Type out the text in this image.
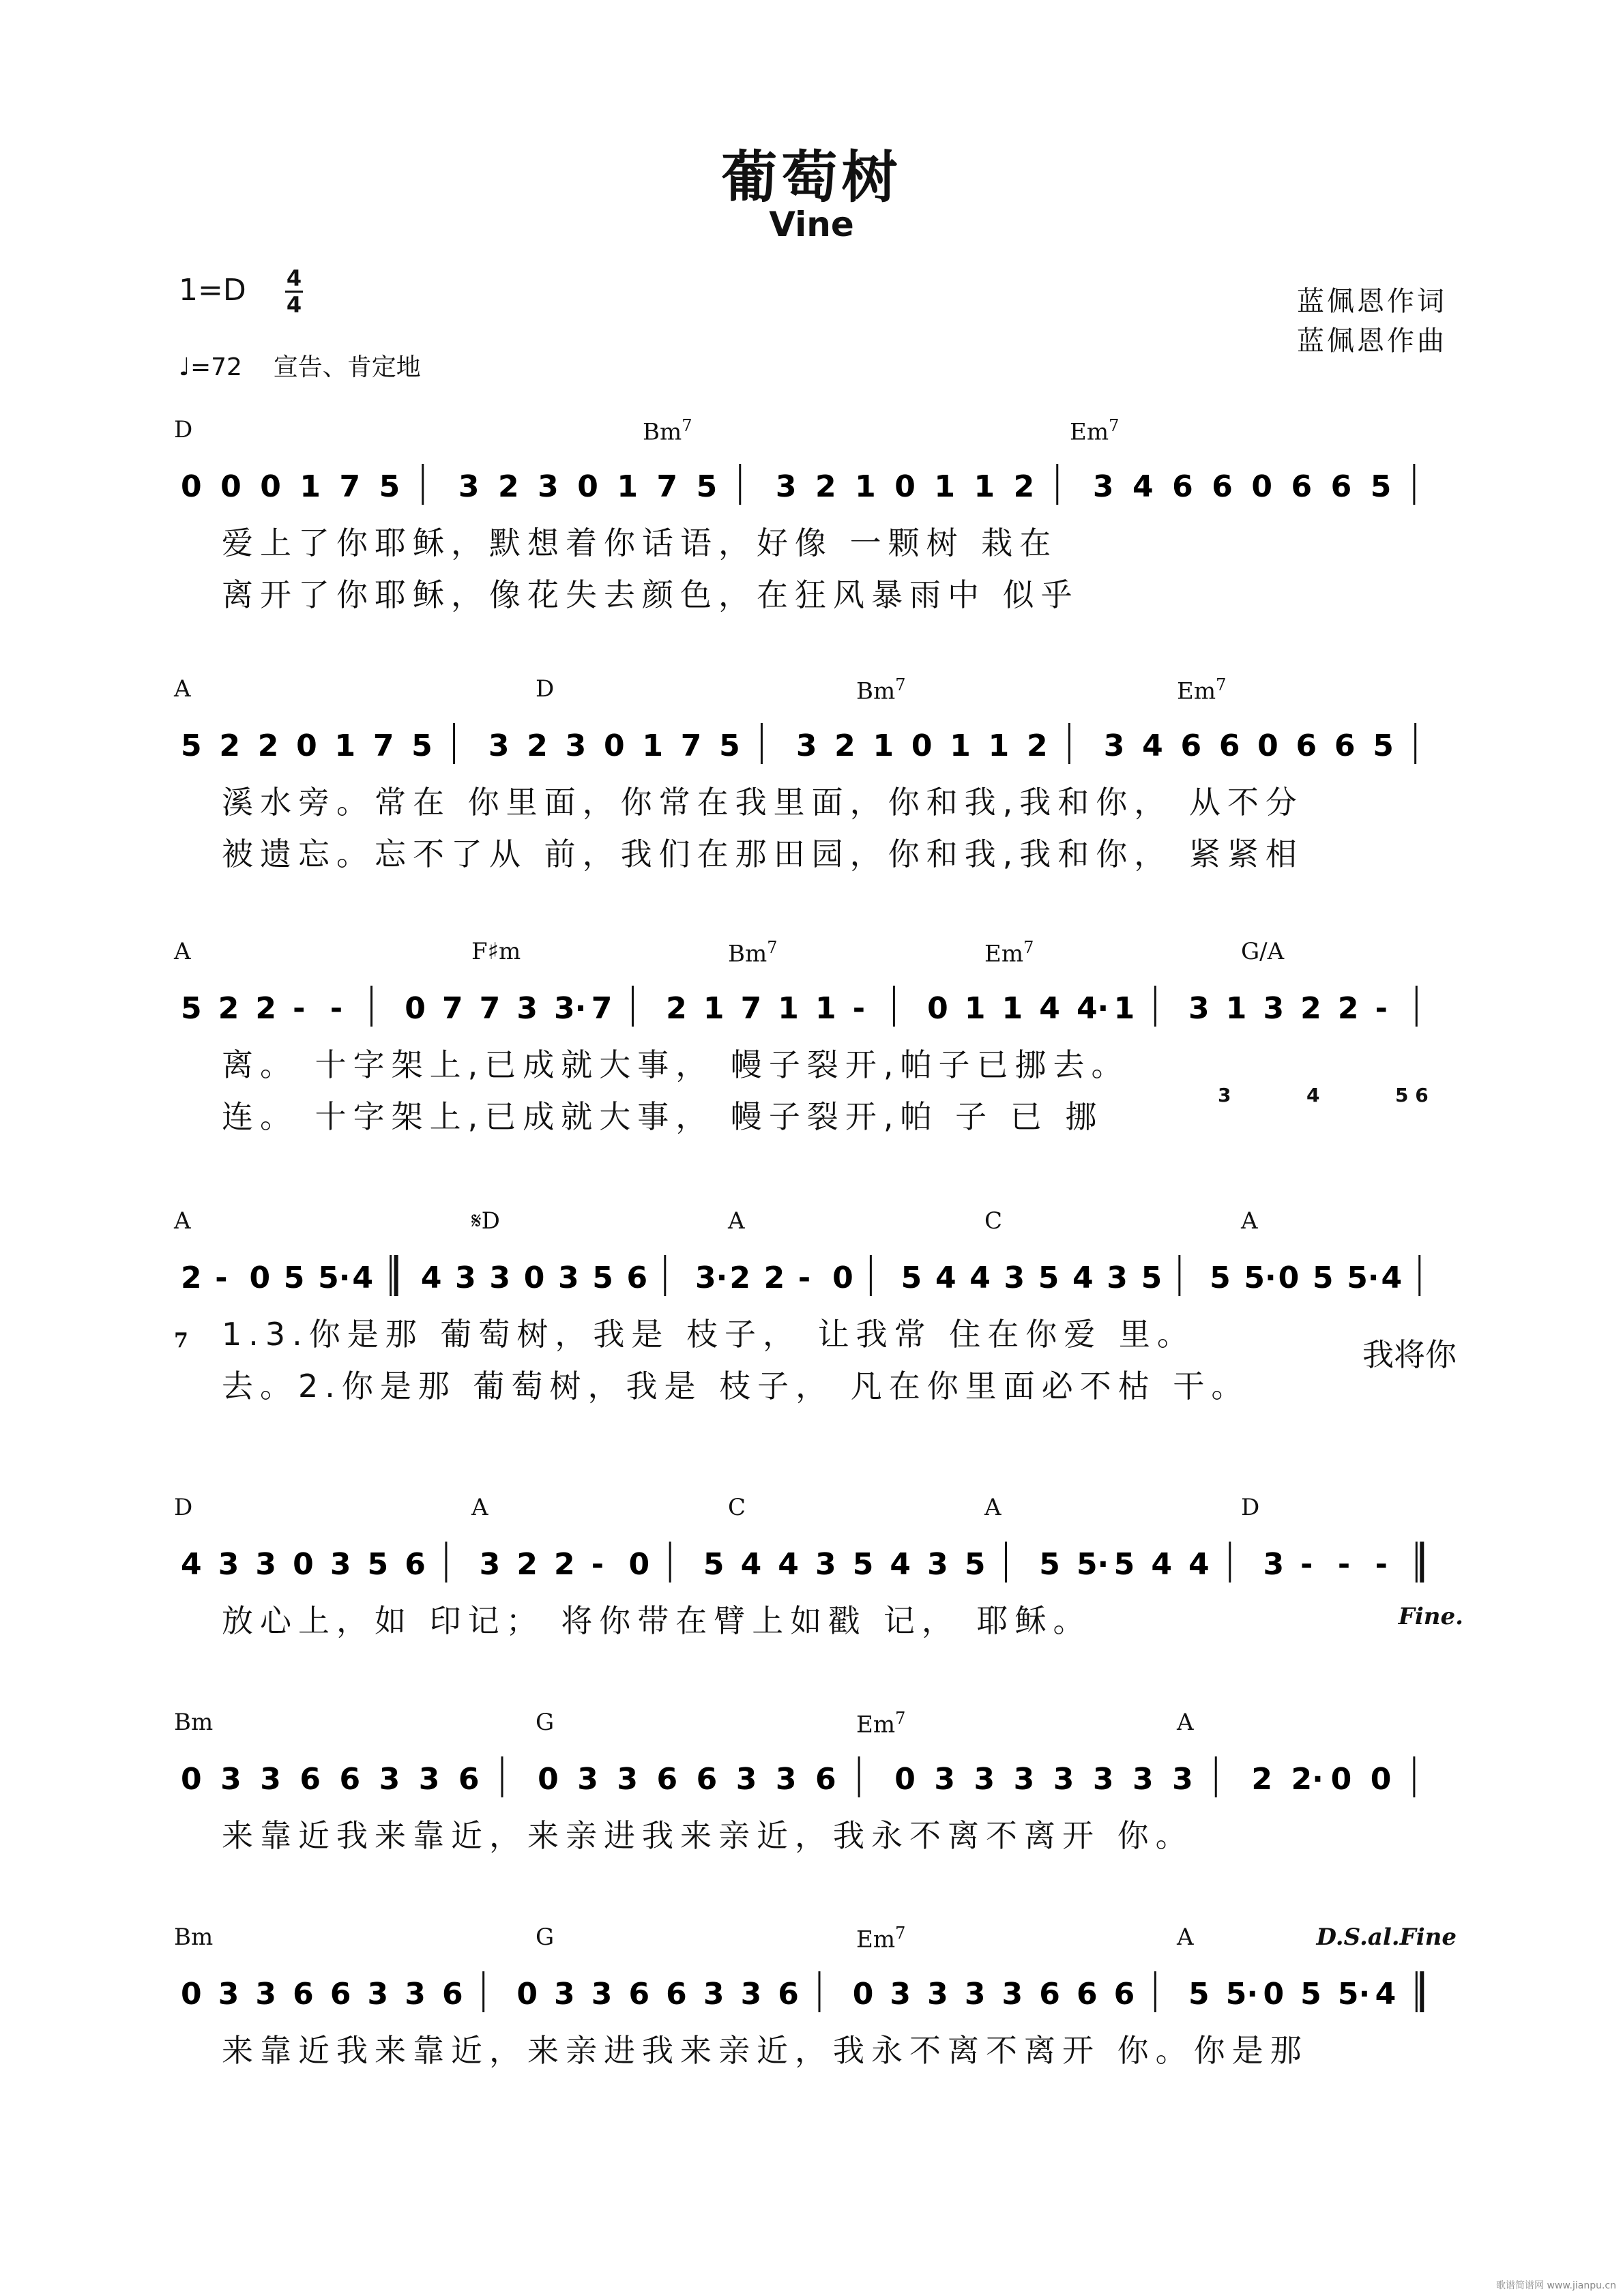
葡萄树
Vine
1=D 4
4
♩=72 宣告、肯定地
蓝佩恩作词
蓝佩恩作曲
D	Bm$^7$	Em$^7$
0 0 0 1 7 5 3 2 3 0 1 7 5 3 2 1 0 1 1 2 3 4 6 6 0 6 6 5
爱上了你耶稣，默想着你话语，好像 一颗树 栽在
离开了你耶稣，像花失去颜色，在狂风暴雨中 似乎
A	D	Bm$^7$	Em$^7$
5 2 2 0 1 7 5 3 2 3 0 1 7 5 3 2 1 0 1 1 2 3 4 6 6 0 6 6 5
溪水旁。常在 你里面，你常在我里面，你和我,我和你， 从不分
被遗忘。忘不了从 前，我们在那田园，你和我,我和你， 紧紧相
A	F♯m	Bm$^7$	Em$^7$	G/A
5 2 2 - - 0 7 7 3 3· 7 2 1 7 1 1 - 0 1 1 4 4· 1 3 1 3 2 2 -
离。 十字架上,已成就大事， 幔子裂开,帕子已挪去。
连。 十字架上,已成就大事， 幔子裂开,帕 子 已 挪
3	4	5 6
A	𝄋D	A	C	A
2 - 0 5 5· 4 4 3 3 0 3 5 6 3· 2 2 - 0 5 4 4 3 5 4 3 5 5 5· 0 5 5· 4
1.3.你是那 葡萄树，我是 枝子， 让我常 住在你爱 里。
去。2.你是那 葡萄树，我是 枝子， 凡在你里面必不枯 干。
我将你
7
D	A	C	A	D
4 3 3 0 3 5 6 3 2 2 - 0 5 4 4 3 5 4 3 5 5 5· 5 4 4 3 - - -
放心上，如 印记； 将你带在臂上如戳 记， 耶稣。	Fine.
Bm	G	Em$^7$	A
0 3 3 6 6 3 3 6 0 3 3 6 6 3 3 6 0 3 3 3 3 3 3 3 2 2· 0 0
来靠近我来靠近，来亲进我来亲近，我永不离不离开 你。
Bm	G	Em$^7$	A
0 3 3 6 6 3 3 6 0 3 3 6 6 3 3 6 0 3 3 3 3 6 6 6 5 5· 0 5 5· 4
来靠近我来靠近，来亲进我来亲近，我永不离不离开 你。你是那
D.S.al.Fine
歌谱简谱网 www.jianpu.cn
